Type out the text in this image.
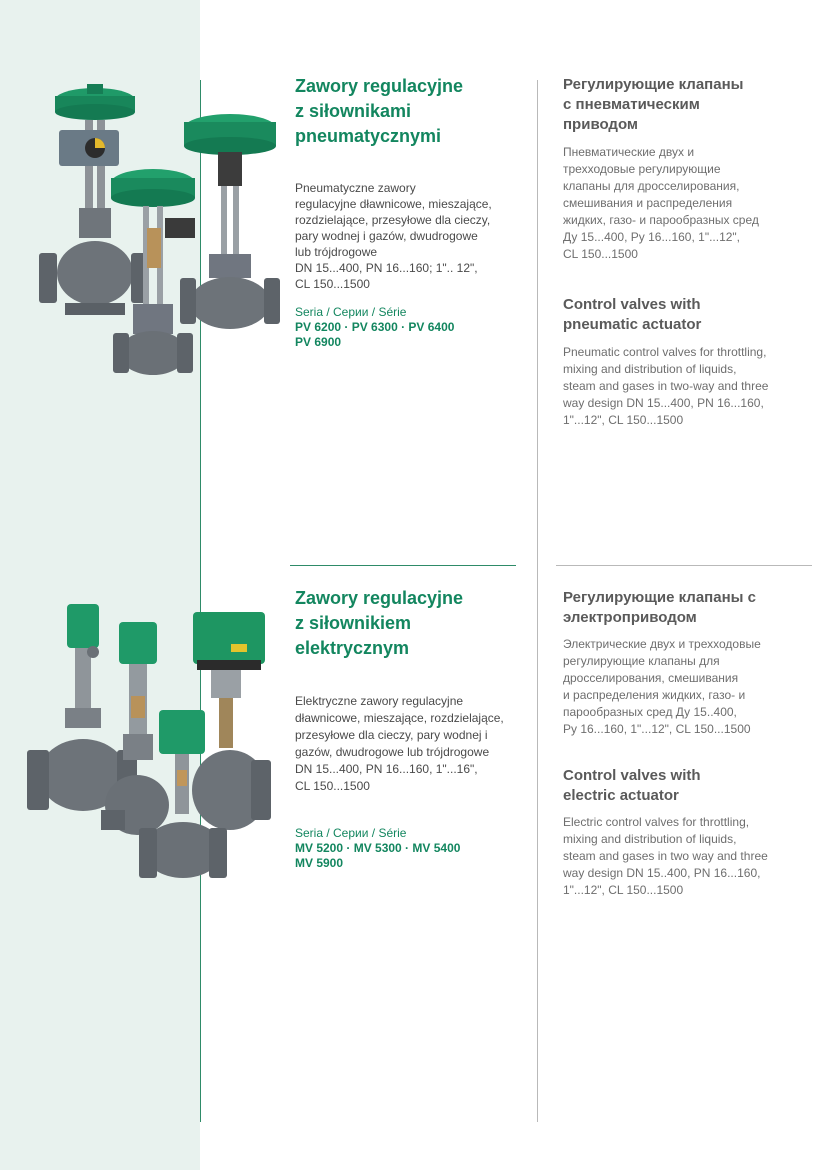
Zawory regulacyjne
z siłownikami
pneumatycznymi

Pneumatyczne zawory
regulacyjne dławnicowe, mieszające,
rozdzielające, przesyłowe dla cieczy,
pary wodnej i gazów, dwudrogowe
lub trójdrogowe
DN 15...400, PN 16...160; 1".. 12",
CL 150...1500

Seria / Серии / Série

PV 6200 · PV 6300 · PV 6400
PV 6900

Регулирующие клапаны
с пневматическим
приводом

Пневматические двух и
трехходовые регулирующие
клапаны для дросселирования,
смешивания и распределения
жидких, газо- и парообразных сред
Ду 15...400, Ру 16...160, 1"...12",
CL 150...1500

Control valves with
pneumatic actuator

Pneumatic control valves for throttling,
mixing and distribution of liquids,
steam and gases in two-way and three
way design DN 15...400, PN 16...160,
1"...12", CL 150...1500

Zawory regulacyjne
z siłownikiem
elektrycznym

Elektryczne zawory regulacyjne
dławnicowe, mieszające, rozdzielające,
przesyłowe dla cieczy, pary wodnej i
gazów, dwudrogowe lub trójdrogowe
DN 15...400, PN 16...160, 1"...16",
CL 150...1500

Seria / Серии / Série

MV 5200 · MV 5300 · MV 5400
MV 5900

Регулирующие клапаны с
электроприводом

Электрические двух и трехходовые
регулирующие клапаны для
дросселирования, смешивания
и распределения жидких, газо- и
парообразных сред Ду 15..400,
Ру 16...160, 1"...12", CL 150...1500

Control valves with
electric actuator

Electric control valves for throttling,
mixing and distribution of liquids,
steam and gases in two way and three
way design DN 15..400, PN 16...160,
1"...12", CL 150...1500
